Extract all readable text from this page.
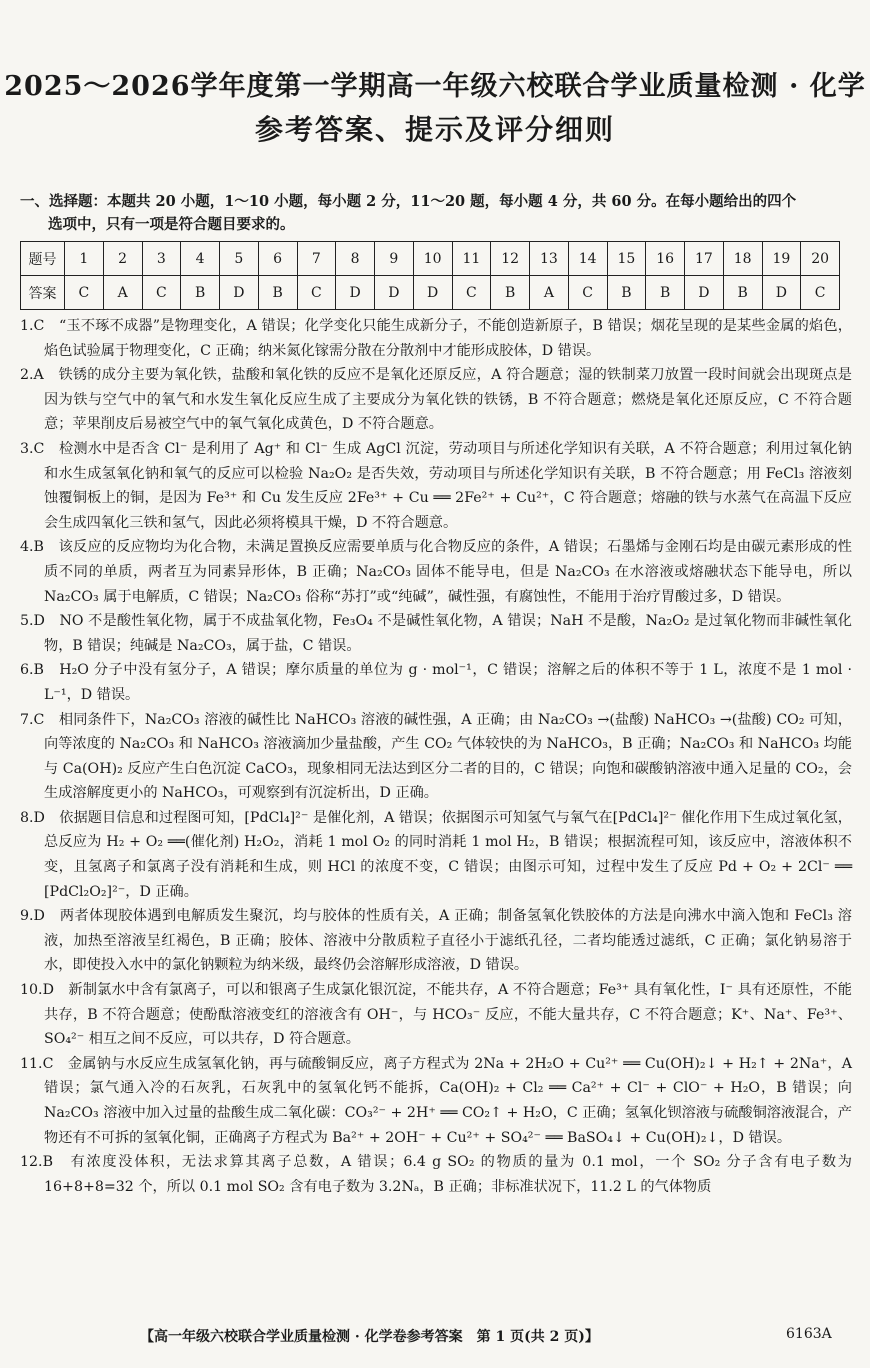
2025～2026学年度第一学期高一年级六校联合学业质量检测 · 化学
参考答案、提示及评分细则
一、选择题：本题共 20 小题，1～10 小题，每小题 2 分，11～20 题，每小题 4 分，共 60 分。在每小题给出的四个
选项中，只有一项是符合题目要求的。
题号	1	2	3	4	5	6	7	8	9	10	11	12	13	14	15	16	17	18	19	20
答案	C	A	C	B	D	B	C	D	D	D	C	B	A	C	B	B	D	B	D	C

1.C　“玉不琢不成器”是物理变化，A 错误；化学变化只能生成新分子，不能创造新原子，B 错误；烟花呈现的是某些金属的焰色，焰色试验属于物理变化，C 正确；纳米氮化镓需分散在分散剂中才能形成胶体，D 错误。

2.A　铁锈的成分主要为氧化铁，盐酸和氧化铁的反应不是氧化还原反应，A 符合题意；湿的铁制菜刀放置一段时间就会出现斑点是因为铁与空气中的氧气和水发生氧化反应生成了主要成分为氧化铁的铁锈，B 不符合题意；燃烧是氧化还原反应，C 不符合题意；苹果削皮后易被空气中的氧气氧化成黄色，D 不符合题意。

3.C　检测水中是否含 Cl⁻ 是利用了 Ag⁺ 和 Cl⁻ 生成 AgCl 沉淀，劳动项目与所述化学知识有关联，A 不符合题意；利用过氧化钠和水生成氢氧化钠和氧气的反应可以检验 Na₂O₂ 是否失效，劳动项目与所述化学知识有关联，B 不符合题意；用 FeCl₃ 溶液刻蚀覆铜板上的铜，是因为 Fe³⁺ 和 Cu 发生反应 2Fe³⁺ + Cu ══ 2Fe²⁺ + Cu²⁺，C 符合题意；熔融的铁与水蒸气在高温下反应会生成四氧化三铁和氢气，因此必须将模具干燥，D 不符合题意。

4.B　该反应的反应物均为化合物，未满足置换反应需要单质与化合物反应的条件，A 错误；石墨烯与金刚石均是由碳元素形成的性质不同的单质，两者互为同素异形体，B 正确；Na₂CO₃ 固体不能导电，但是 Na₂CO₃ 在水溶液或熔融状态下能导电，所以 Na₂CO₃ 属于电解质，C 错误；Na₂CO₃ 俗称“苏打”或“纯碱”，碱性强，有腐蚀性，不能用于治疗胃酸过多，D 错误。

5.D　NO 不是酸性氧化物，属于不成盐氧化物，Fe₃O₄ 不是碱性氧化物，A 错误；NaH 不是酸，Na₂O₂ 是过氧化物而非碱性氧化物，B 错误；纯碱是 Na₂CO₃，属于盐，C 错误。

6.B　H₂O 分子中没有氢分子，A 错误；摩尔质量的单位为 g · mol⁻¹，C 错误；溶解之后的体积不等于 1 L，浓度不是 1 mol · L⁻¹，D 错误。

7.C　相同条件下，Na₂CO₃ 溶液的碱性比 NaHCO₃ 溶液的碱性强，A 正确；由 Na₂CO₃ →(盐酸) NaHCO₃ →(盐酸) CO₂ 可知，向等浓度的 Na₂CO₃ 和 NaHCO₃ 溶液滴加少量盐酸，产生 CO₂ 气体较快的为 NaHCO₃，B 正确；Na₂CO₃ 和 NaHCO₃ 均能与 Ca(OH)₂ 反应产生白色沉淀 CaCO₃，现象相同无法达到区分二者的目的，C 错误；向饱和碳酸钠溶液中通入足量的 CO₂，会生成溶解度更小的 NaHCO₃，可观察到有沉淀析出，D 正确。

8.D　依据题目信息和过程图可知，[PdCl₄]²⁻ 是催化剂，A 错误；依据图示可知氢气与氧气在[PdCl₄]²⁻ 催化作用下生成过氧化氢，总反应为 H₂ + O₂ ══(催化剂) H₂O₂，消耗 1 mol O₂ 的同时消耗 1 mol H₂，B 错误；根据流程可知，该反应中，溶液体积不变，且氢离子和氯离子没有消耗和生成，则 HCl 的浓度不变，C 错误；由图示可知，过程中发生了反应 Pd + O₂ + 2Cl⁻ ══ [PdCl₂O₂]²⁻，D 正确。

9.D　两者体现胶体遇到电解质发生聚沉，均与胶体的性质有关，A 正确；制备氢氧化铁胶体的方法是向沸水中滴入饱和 FeCl₃ 溶液，加热至溶液呈红褐色，B 正确；胶体、溶液中分散质粒子直径小于滤纸孔径，二者均能透过滤纸，C 正确；氯化钠易溶于水，即使投入水中的氯化钠颗粒为纳米级，最终仍会溶解形成溶液，D 错误。

10.D　新制氯水中含有氯离子，可以和银离子生成氯化银沉淀，不能共存，A 不符合题意；Fe³⁺ 具有氧化性，I⁻ 具有还原性，不能共存，B 不符合题意；使酚酞溶液变红的溶液含有 OH⁻，与 HCO₃⁻ 反应，不能大量共存，C 不符合题意；K⁺、Na⁺、Fe³⁺、SO₄²⁻ 相互之间不反应，可以共存，D 符合题意。

11.C　金属钠与水反应生成氢氧化钠，再与硫酸铜反应，离子方程式为 2Na + 2H₂O + Cu²⁺ ══ Cu(OH)₂↓ + H₂↑ + 2Na⁺，A 错误；氯气通入冷的石灰乳，石灰乳中的氢氧化钙不能拆，Ca(OH)₂ + Cl₂ ══ Ca²⁺ + Cl⁻ + ClO⁻ + H₂O，B 错误；向 Na₂CO₃ 溶液中加入过量的盐酸生成二氧化碳：CO₃²⁻ + 2H⁺ ══ CO₂↑ + H₂O，C 正确；氢氧化钡溶液与硫酸铜溶液混合，产物还有不可拆的氢氧化铜，正确离子方程式为 Ba²⁺ + 2OH⁻ + Cu²⁺ + SO₄²⁻ ══ BaSO₄↓ + Cu(OH)₂↓，D 错误。

12.B　有浓度没体积，无法求算其离子总数，A 错误；6.4 g SO₂ 的物质的量为 0.1 mol，一个 SO₂ 分子含有电子数为 16+8+8=32 个，所以 0.1 mol SO₂ 含有电子数为 3.2Nₐ，B 正确；非标准状况下，11.2 L 的气体物质

【高一年级六校联合学业质量检测 · 化学卷参考答案　第 1 页(共 2 页)】	6163A
